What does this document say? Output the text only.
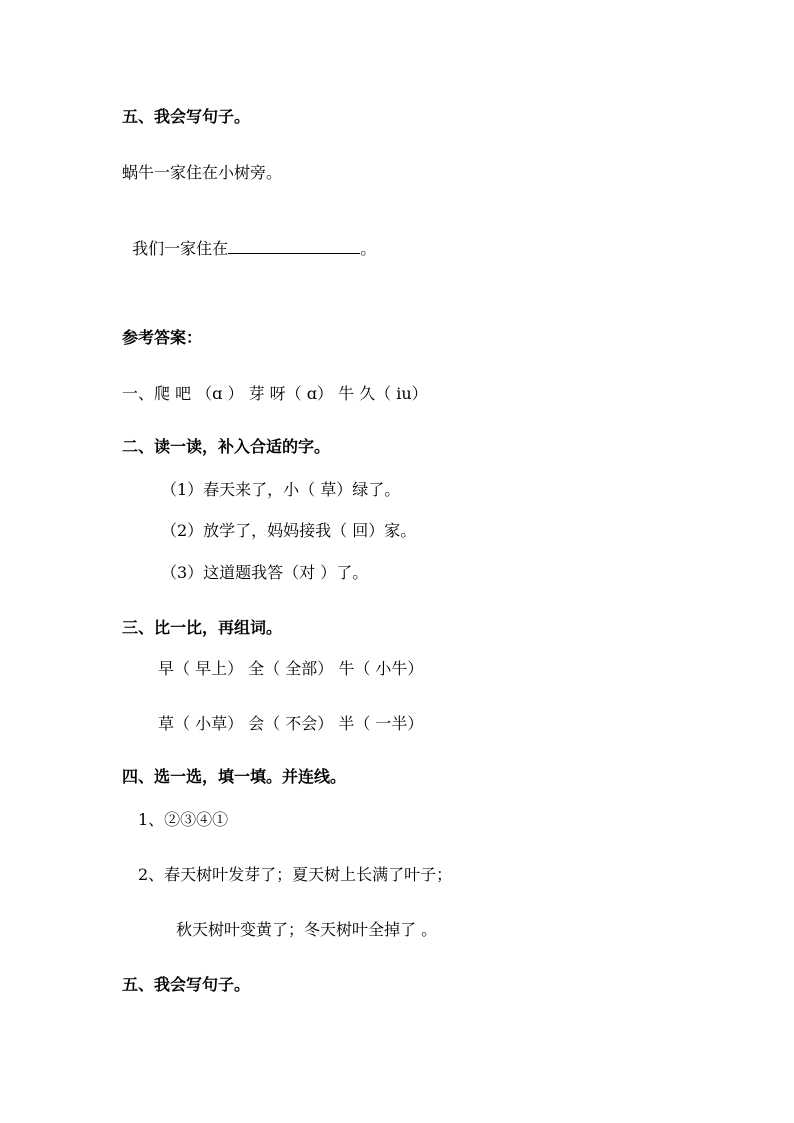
五、我会写句子。
蜗牛一家住在小树旁。

我们一家住在	。

参考答案：
一、爬 吧 （ɑ ） 芽 呀（ ɑ） 牛 久（ iu）
二、读一读，补入合适的字。
（1）春天来了，小（ 草）绿了。
（2）放学了，妈妈接我（ 回）家。
（3）这道题我答（对 ）了。
三、比一比，再组词。
早（ 早上） 全（ 全部） 牛（ 小牛）
草（ 小草） 会（ 不会） 半（ 一半）
四、选一选，填一填。并连线。
1、②③④①
2、春天树叶发芽了；夏天树上长满了叶子；
秋天树叶变黄了；冬天树叶全掉了 。
五、我会写句子。
